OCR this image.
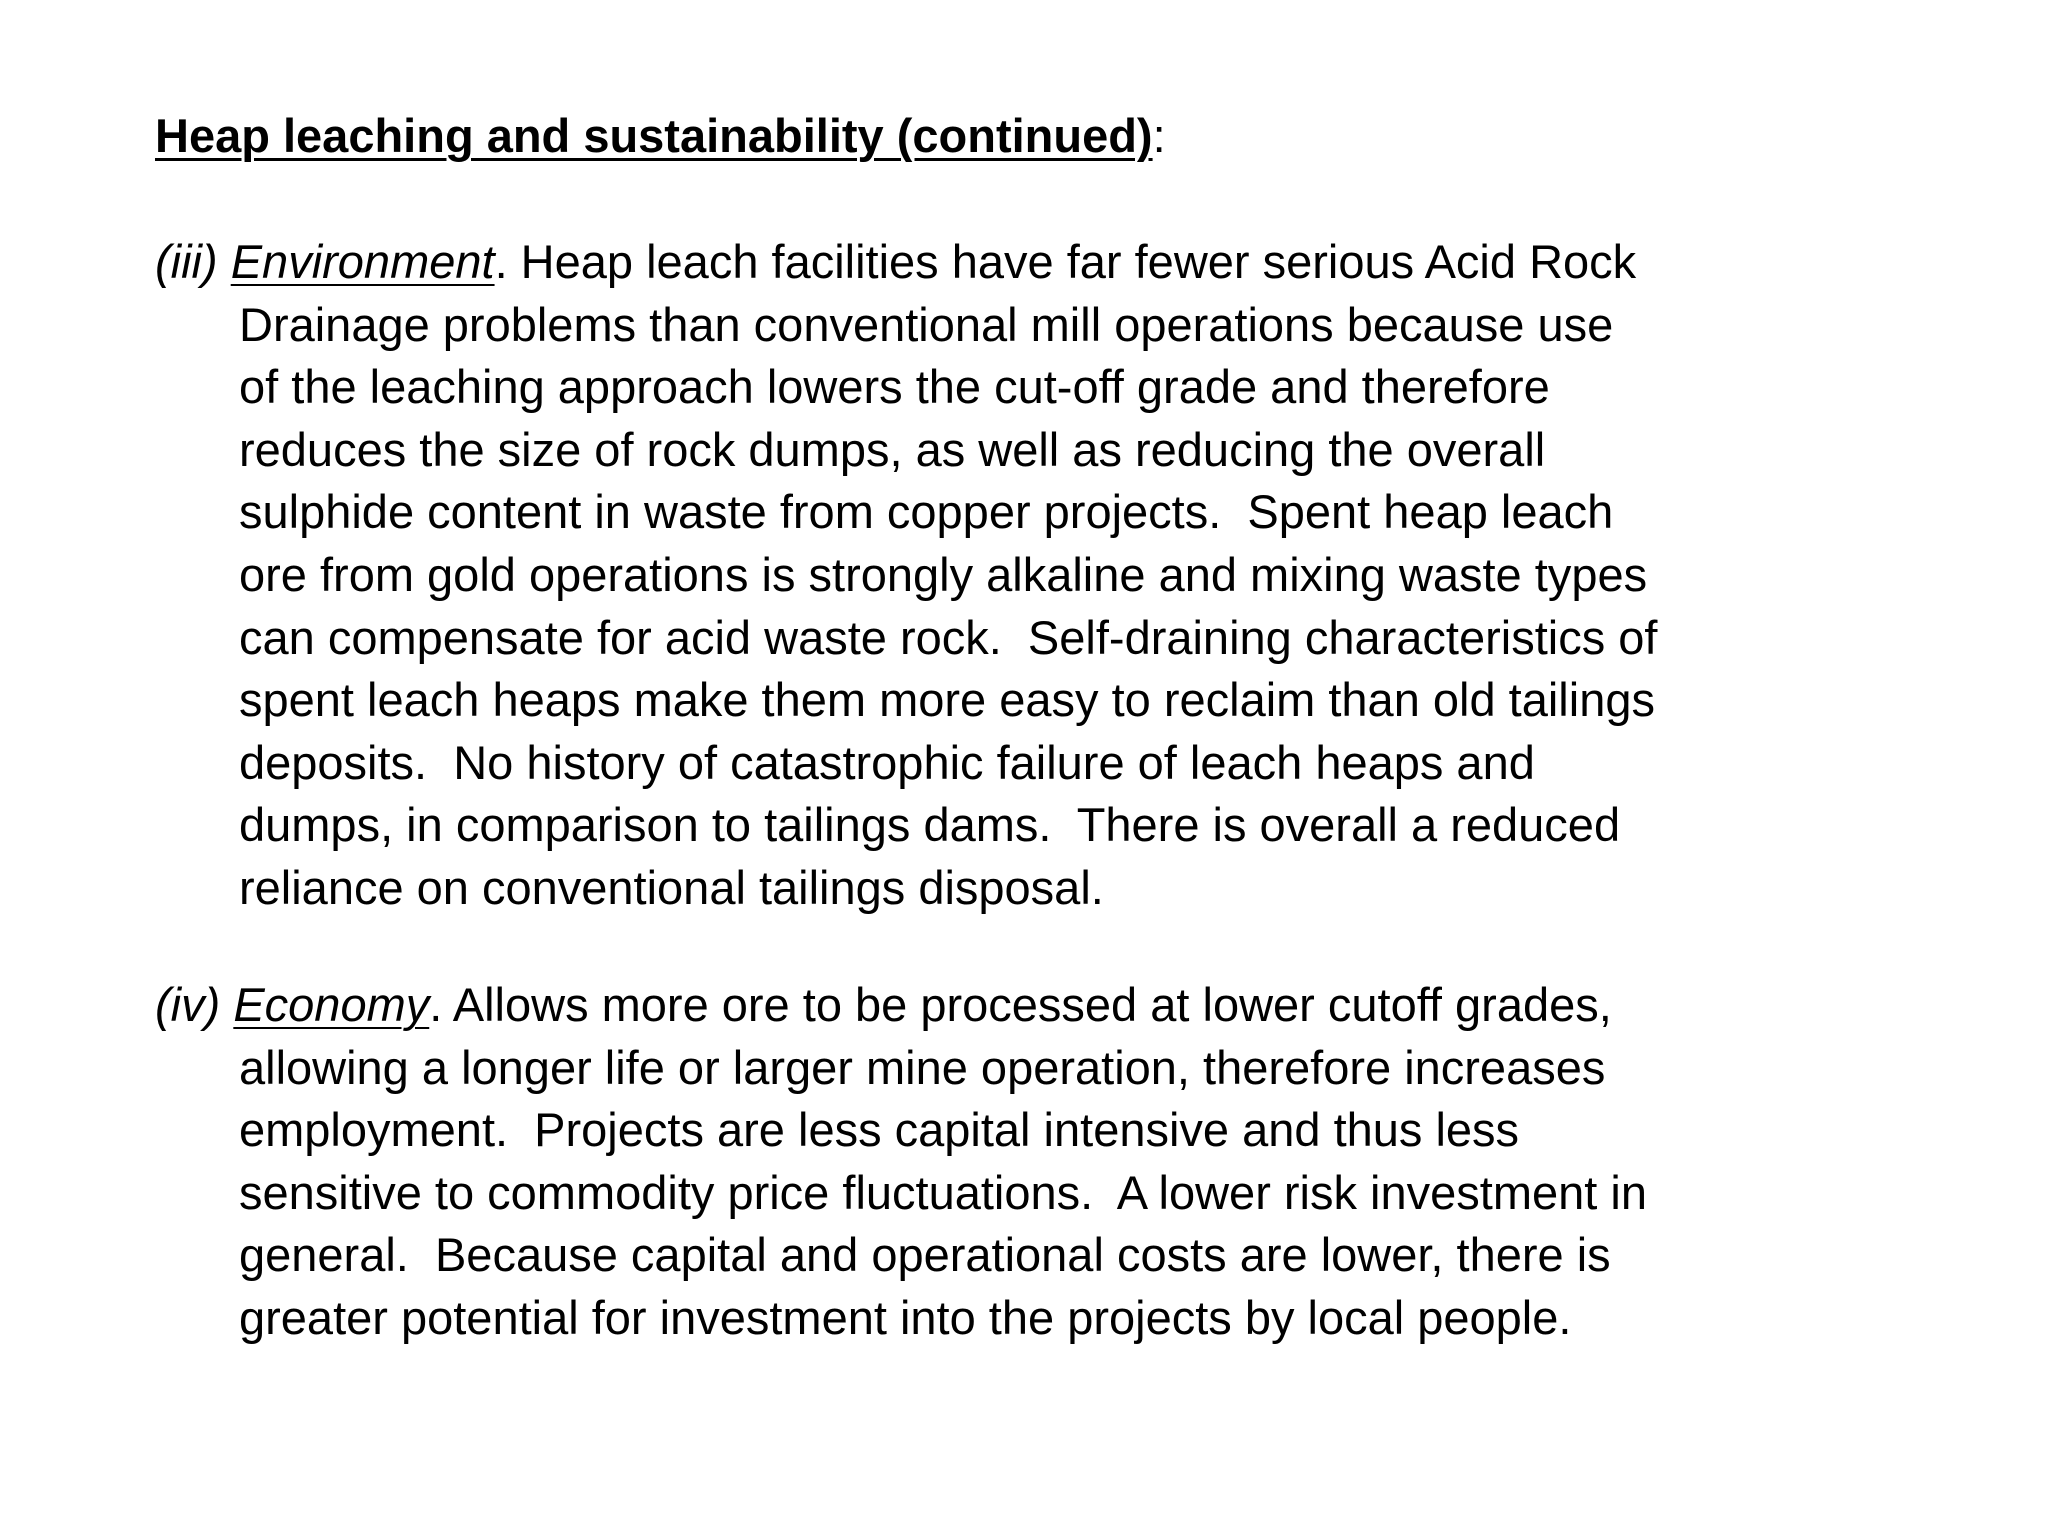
Heap leaching and sustainability (continued):
(iii) Environment. Heap leach facilities have far fewer serious Acid Rock
Drainage problems than conventional mill operations because use
of the leaching approach lowers the cut-off grade and therefore
reduces the size of rock dumps, as well as reducing the overall
sulphide content in waste from copper projects.  Spent heap leach
ore from gold operations is strongly alkaline and mixing waste types
can compensate for acid waste rock.  Self-draining characteristics of
spent leach heaps make them more easy to reclaim than old tailings
deposits.  No history of catastrophic failure of leach heaps and
dumps, in comparison to tailings dams.  There is overall a reduced
reliance on conventional tailings disposal.
(iv) Economy. Allows more ore to be processed at lower cutoff grades,
allowing a longer life or larger mine operation, therefore increases
employment.  Projects are less capital intensive and thus less
sensitive to commodity price fluctuations.  A lower risk investment in
general.  Because capital and operational costs are lower, there is
greater potential for investment into the projects by local people.
